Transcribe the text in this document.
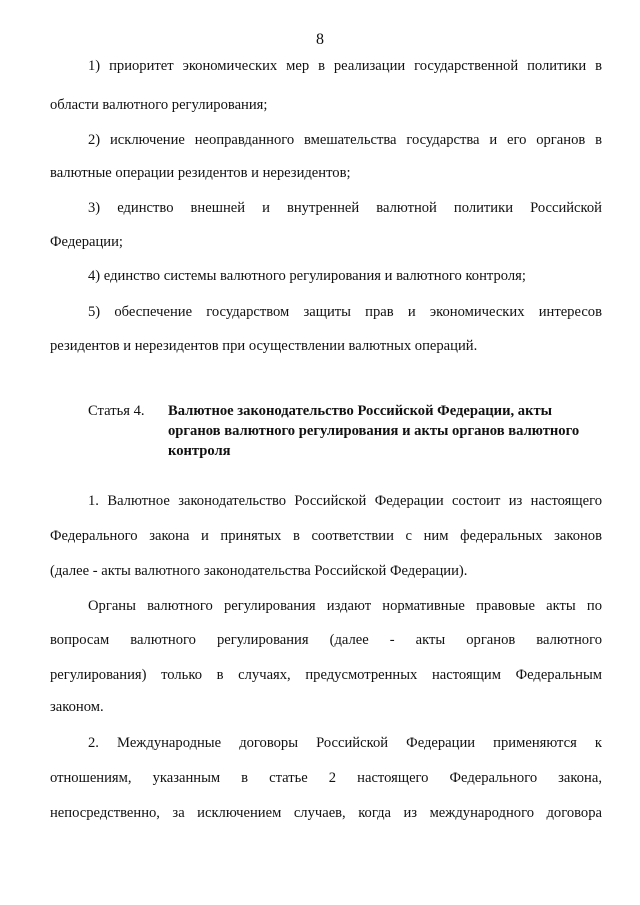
8
1) приоритет экономических мер в реализации государственной политики в
области валютного регулирования;
2) исключение неоправданного вмешательства государства и его органов в
валютные операции резидентов и нерезидентов;
3) единство внешней и внутренней валютной политики Российской
Федерации;
4) единство системы валютного регулирования и валютного контроля;
5) обеспечение государством защиты прав и экономических интересов
резидентов и нерезидентов при осуществлении валютных операций.
1. Валютное законодательство Российской Федерации состоит из настоящего
Федерального закона и принятых в соответствии с ним федеральных законов
(далее - акты валютного законодательства Российской Федерации).
Органы валютного регулирования издают нормативные правовые акты по
вопросам валютного регулирования (далее - акты органов валютного
регулирования) только в случаях, предусмотренных настоящим Федеральным
законом.
2. Международные договоры Российской Федерации применяются к
отношениям, указанным в статье 2 настоящего Федерального закона,
непосредственно, за исключением случаев, когда из международного договора
Статья 4. Валютное законодательство Российской Федерации, акты
органов валютного регулирования и акты органов валютного
контроля
